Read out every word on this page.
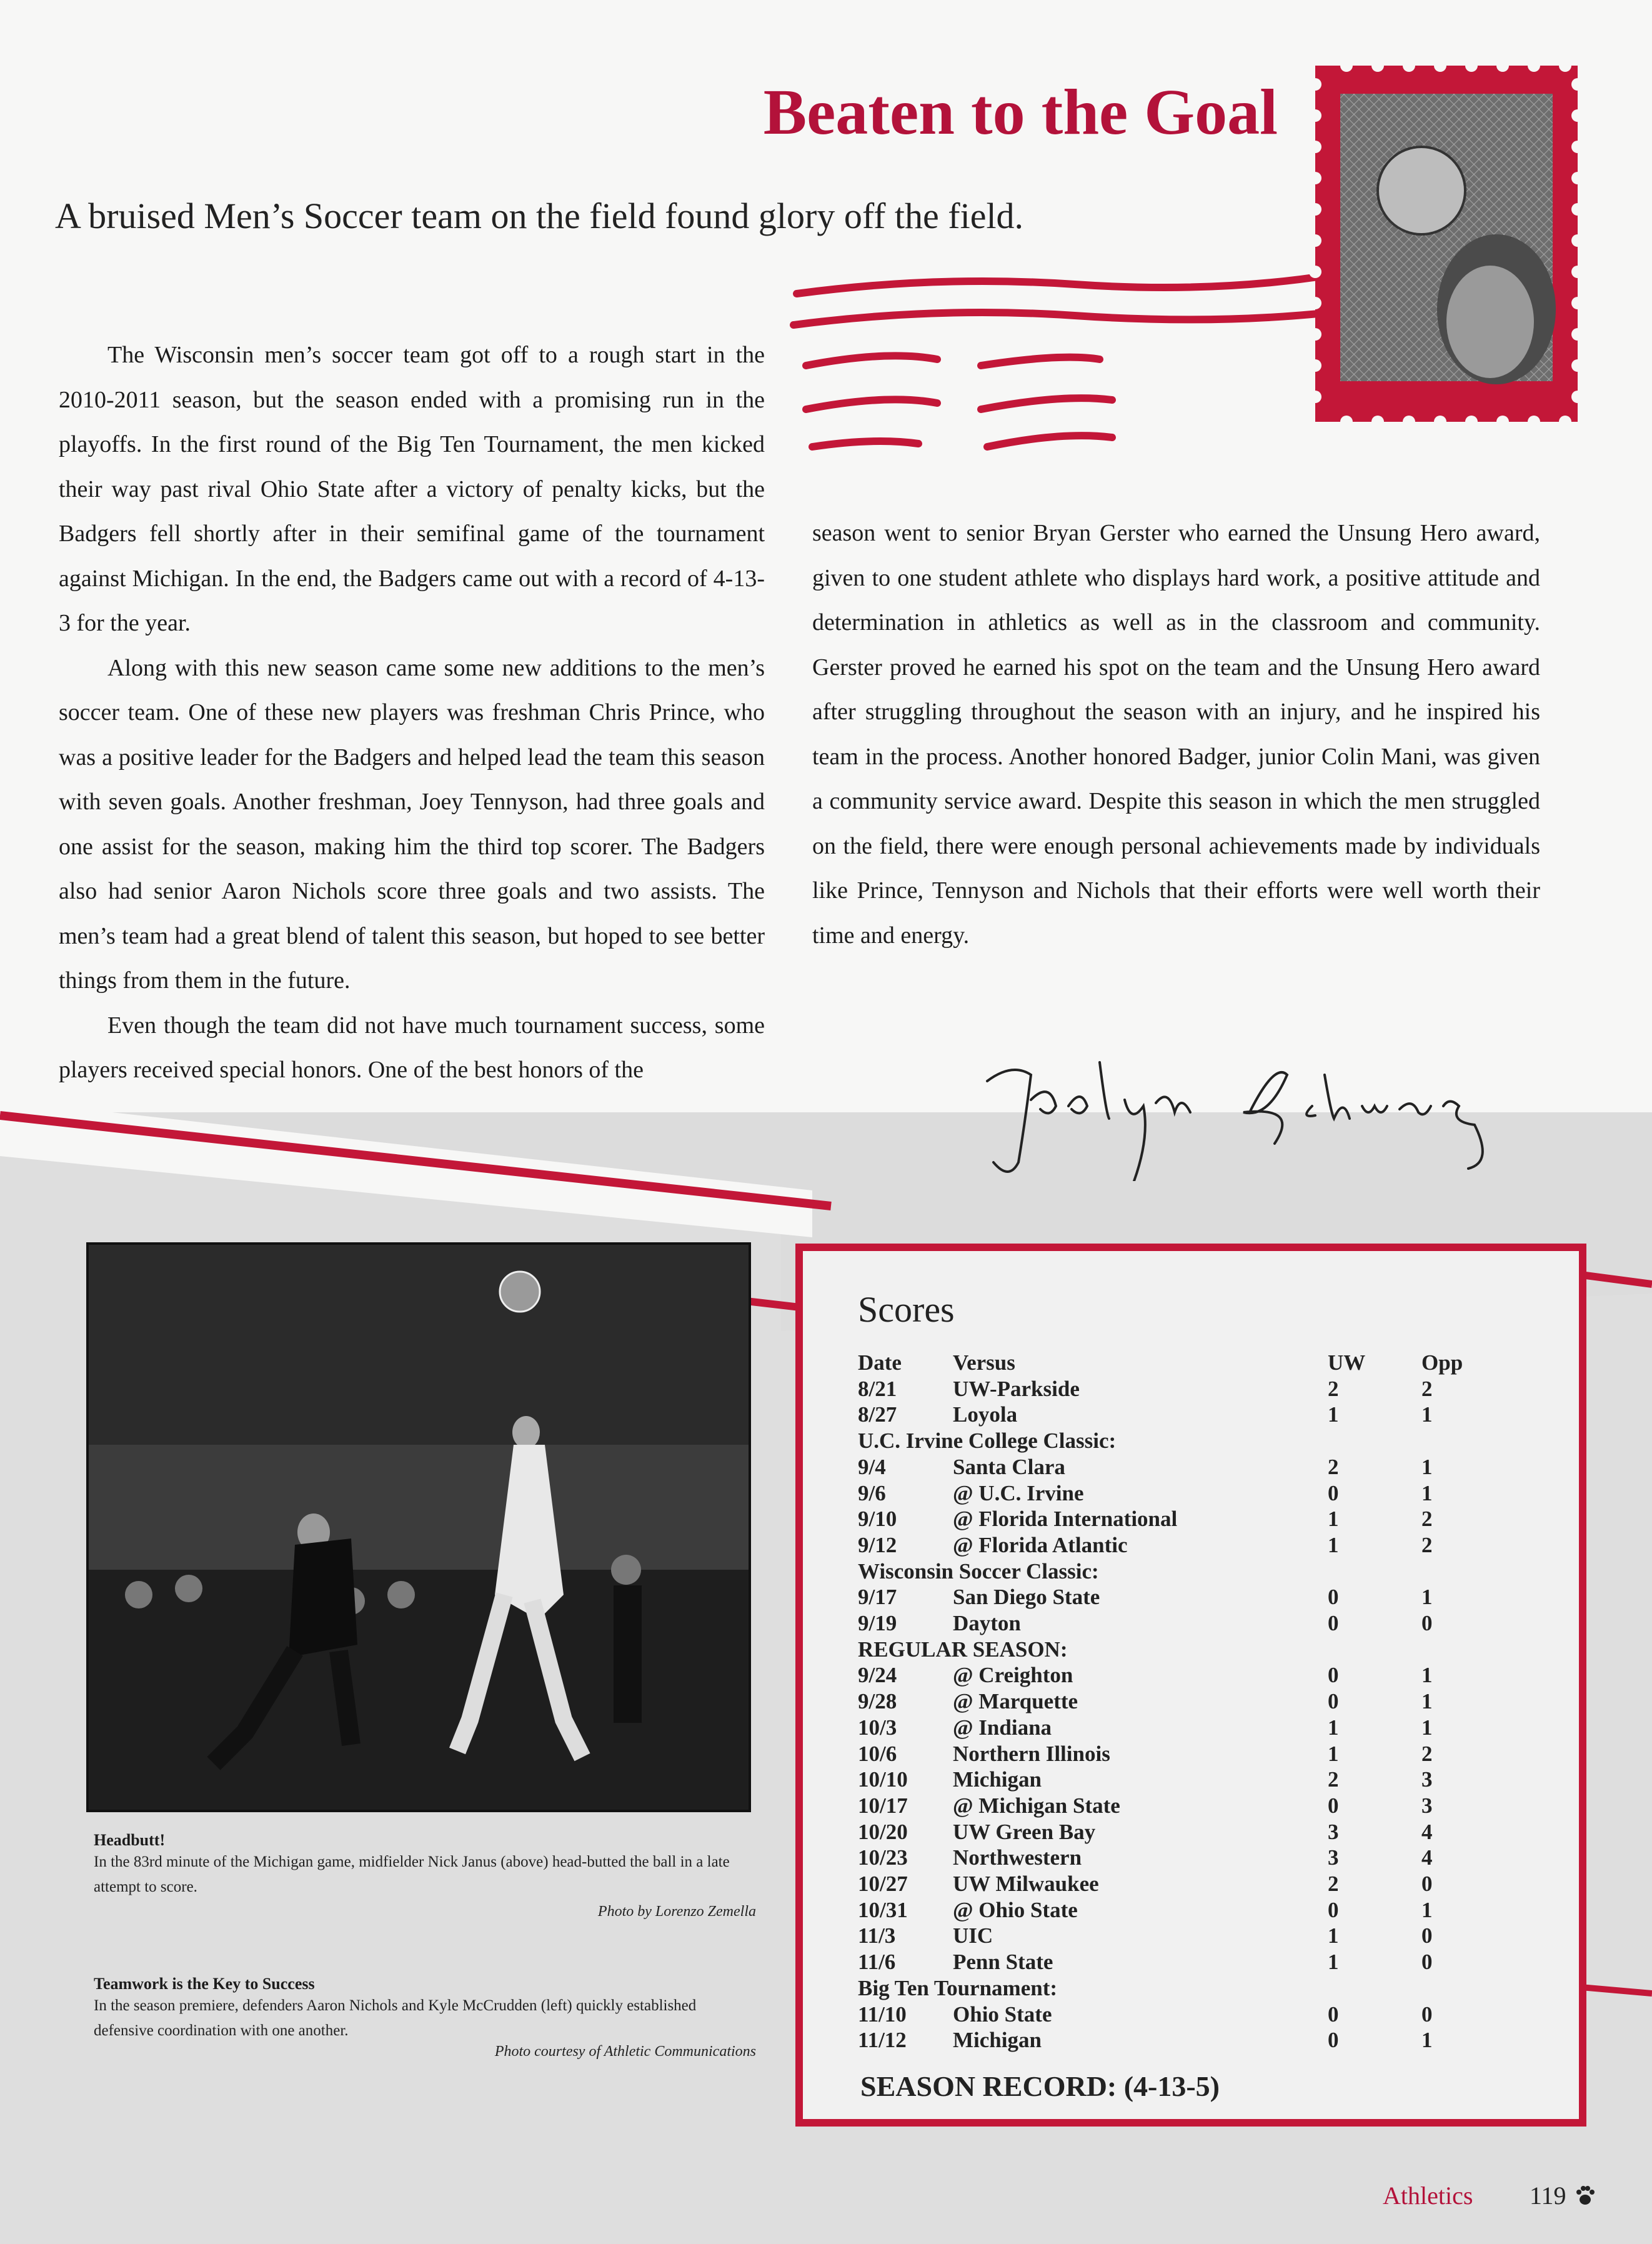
Beaten to the Goal
A bruised Men’s Soccer team on the field found glory off the field.

The Wisconsin men’s soccer team got off to a rough start in the 2010-2011 season, but the season ended with a promising run in the playoffs. In the first round of the Big Ten Tournament, the men kicked their way past rival Ohio State after a victory of penalty kicks, but the Badgers fell shortly after in their semifinal game of the tournament against Michigan. In the end, the Badgers came out with a record of 4-13-3 for the year.

Along with this new season came some new additions to the men’s soccer team. One of these new players was freshman Chris Prince, who was a positive leader for the Badgers and helped lead the team this season with seven goals. Another freshman, Joey Tennyson, had three goals and one assist for the season, making him the third top scorer. The Badgers also had senior Aaron Nichols score three goals and two assists. The men’s team had a great blend of talent this season, but hoped to see better things from them in the future.

Even though the team did not have much tournament success, some players received special honors. One of the best honors of the

season went to senior Bryan Gerster who earned the Unsung Hero award, given to one student athlete who displays hard work, a positive attitude and determination in athletics as well as in the classroom and community. Gerster proved he earned his spot on the team and the Unsung Hero award after struggling throughout the season with an injury, and he inspired his team in the process. Another honored Badger, junior Colin Mani, was given a community service award. Despite this season in which the men struggled on the field, there were enough personal achievements made by individuals like Prince, Tennyson and Nichols that their efforts were well worth their time and energy.

Headbutt!
In the 83rd minute of the Michigan game, midfielder Nick Janus (above) head-butted the ball in a late attempt to score.
Photo by Lorenzo Zemella
Teamwork is the Key to Success
In the season premiere, defenders Aaron Nichols and Kyle McCrudden (left) quickly established defensive coordination with one another.
Photo courtesy of Athletic Communications
Scores
Date	Versus	UW	Opp
8/21	UW-Parkside	2	2
8/27	Loyola	1	1
U.C. Irvine College Classic:			
9/4	Santa Clara	2	1
9/6	@ U.C. Irvine	0	1
9/10	@ Florida International	1	2
9/12	@ Florida Atlantic	1	2
Wisconsin Soccer Classic:			
9/17	San Diego State	0	1
9/19	Dayton	0	0
REGULAR SEASON:			
9/24	@ Creighton	0	1
9/28	@ Marquette	0	1
10/3	@ Indiana	1	1
10/6	Northern Illinois	1	2
10/10	Michigan	2	3
10/17	@ Michigan State	0	3
10/20	UW Green Bay	3	4
10/23	Northwestern	3	4
10/27	UW Milwaukee	2	0
10/31	@ Ohio State	0	1
11/3	UIC	1	0
11/6	Penn State	1	0
Big Ten Tournament:			
11/10	Ohio State	0	0
11/12	Michigan	0	1
SEASON RECORD: (4-13-5)
Athletics 119
